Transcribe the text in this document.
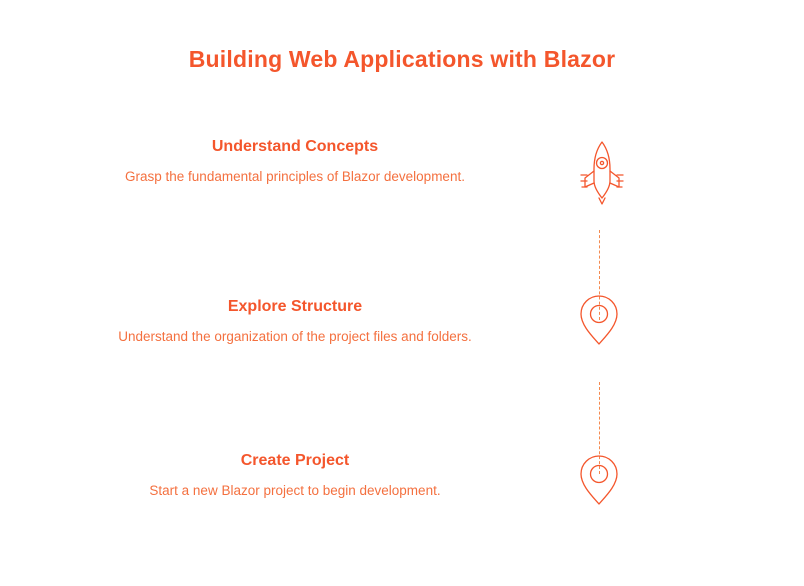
Building Web Applications with Blazor
Understand Concepts
Grasp the fundamental principles of Blazor development.
Explore Structure
Understand the organization of the project files and folders.
Create Project
Start a new Blazor project to begin development.
